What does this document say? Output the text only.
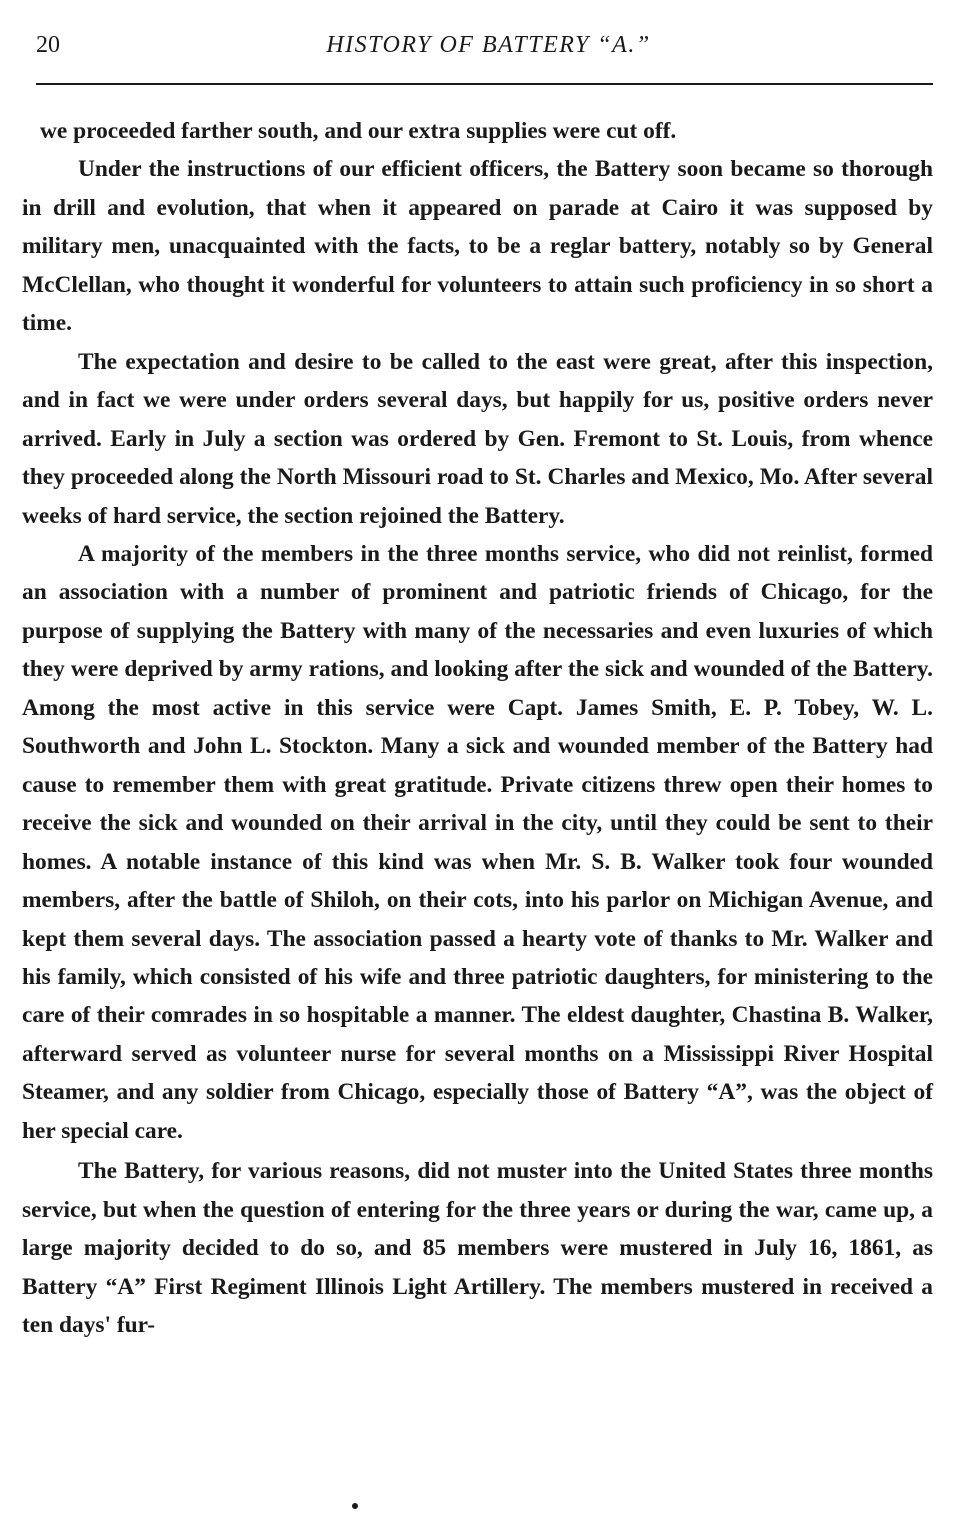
20	HISTORY OF BATTERY “A.”

we proceeded farther south, and our extra supplies were cut off.

Under the instructions of our efficient officers, the Battery soon became so thorough in drill and evolution, that when it appeared on parade at Cairo it was supposed by military men, unacquainted with the facts, to be a reglar battery, notably so by General McClellan, who thought it wonderful for volunteers to attain such proficiency in so short a time.

The expectation and desire to be called to the east were great, after this inspection, and in fact we were under orders several days, but happily for us, positive orders never arrived. Early in July a section was ordered by Gen. Fremont to St. Louis, from whence they proceeded along the North Missouri road to St. Charles and Mexico, Mo. After several weeks of hard service, the section rejoined the Battery.

A majority of the members in the three months service, who did not reinlist, formed an association with a number of prominent and patriotic friends of Chicago, for the purpose of supplying the Battery with many of the necessaries and even luxuries of which they were deprived by army rations, and looking after the sick and wounded of the Battery. Among the most active in this service were Capt. James Smith, E. P. Tobey, W. L. Southworth and John L. Stockton. Many a sick and wounded member of the Battery had cause to remember them with great gratitude. Private citizens threw open their homes to receive the sick and wounded on their arrival in the city, until they could be sent to their homes. A notable instance of this kind was when Mr. S. B. Walker took four wounded members, after the battle of Shiloh, on their cots, into his parlor on Michigan Avenue, and kept them several days. The association passed a hearty vote of thanks to Mr. Walker and his family, which consisted of his wife and three patriotic daughters, for ministering to the care of their comrades in so hospitable a manner. The eldest daughter, Chastina B. Walker, afterward served as volunteer nurse for several months on a Mississippi River Hospital Steamer, and any soldier from Chicago, especially those of Battery “A”, was the object of her special care.

The Battery, for various reasons, did not muster into the United States three months service, but when the question of entering for the three years or during the war, came up, a large majority decided to do so, and 85 members were mustered in July 16, 1861, as Battery “A” First Regiment Illinois Light Artillery. The members mustered in received a ten days' fur-
